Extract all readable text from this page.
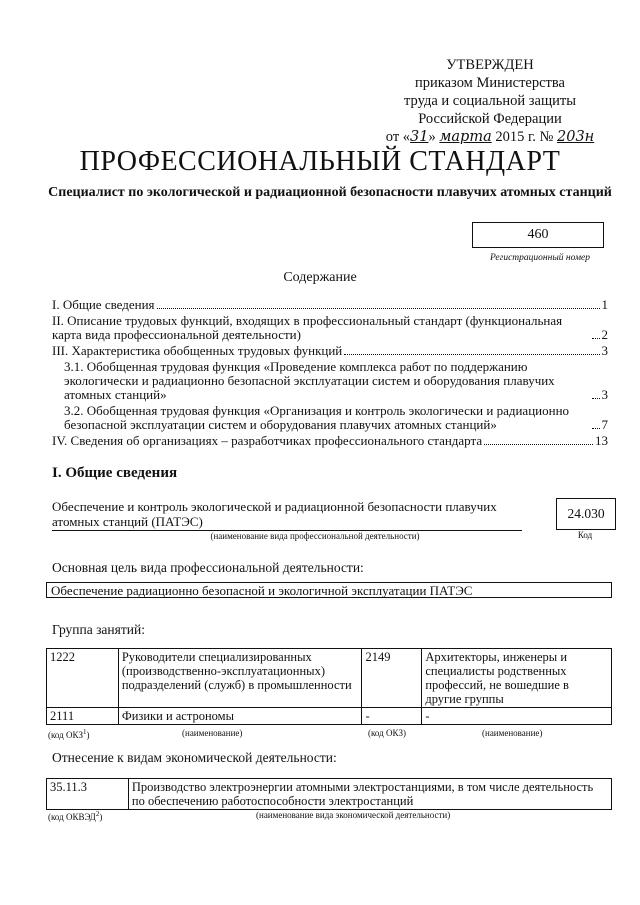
УТВЕРЖДЕН
приказом Министерства
труда и социальной защиты
Российской Федерации
от «31» марта 2015 г. № 203н
ПРОФЕССИОНАЛЬНЫЙ СТАНДАРТ
Специалист по экологической и радиационной безопасности плавучих атомных станций
460
Регистрационный номер
Содержание
I. Общие сведения	1
II. Описание трудовых функций, входящих в профессиональный стандарт (функциональная карта вида профессиональной деятельности)	2
III. Характеристика обобщенных трудовых функций	3
3.1. Обобщенная трудовая функция «Проведение комплекса работ по поддержанию экологически и радиационно безопасной эксплуатации систем и оборудования плавучих атомных станций»	3
3.2. Обобщенная трудовая функция «Организация и контроль экологически и радиационно безопасной эксплуатации систем и оборудования плавучих атомных станций»	7
IV. Сведения об организациях – разработчиках профессионального стандарта	13
I. Общие сведения
Обеспечение и контроль экологической и радиационной безопасности плавучих атомных станций (ПАТЭС)
(наименование вида профессиональной деятельности)
24.030
Код
Основная цель вида профессиональной деятельности:
Обеспечение радиационно безопасной и экологичной эксплуатации ПАТЭС
Группа занятий:
1222	Руководители специализированных (производственно-эксплуатационных) подразделений (служб) в промышленности	2149	Архитекторы, инженеры и специалисты родственных профессий, не вошедшие в другие группы
2111	Физики и астрономы	-	-
(код ОКЗ$^1$)	(наименование)	(код ОКЗ)	(наименование)
Отнесение к видам экономической деятельности:
35.11.3	Производство электроэнергии атомными электростанциями, в том числе деятельность по обеспечению работоспособности электростанций
(код ОКВЭД$^2$)	(наименование вида экономической деятельности)
